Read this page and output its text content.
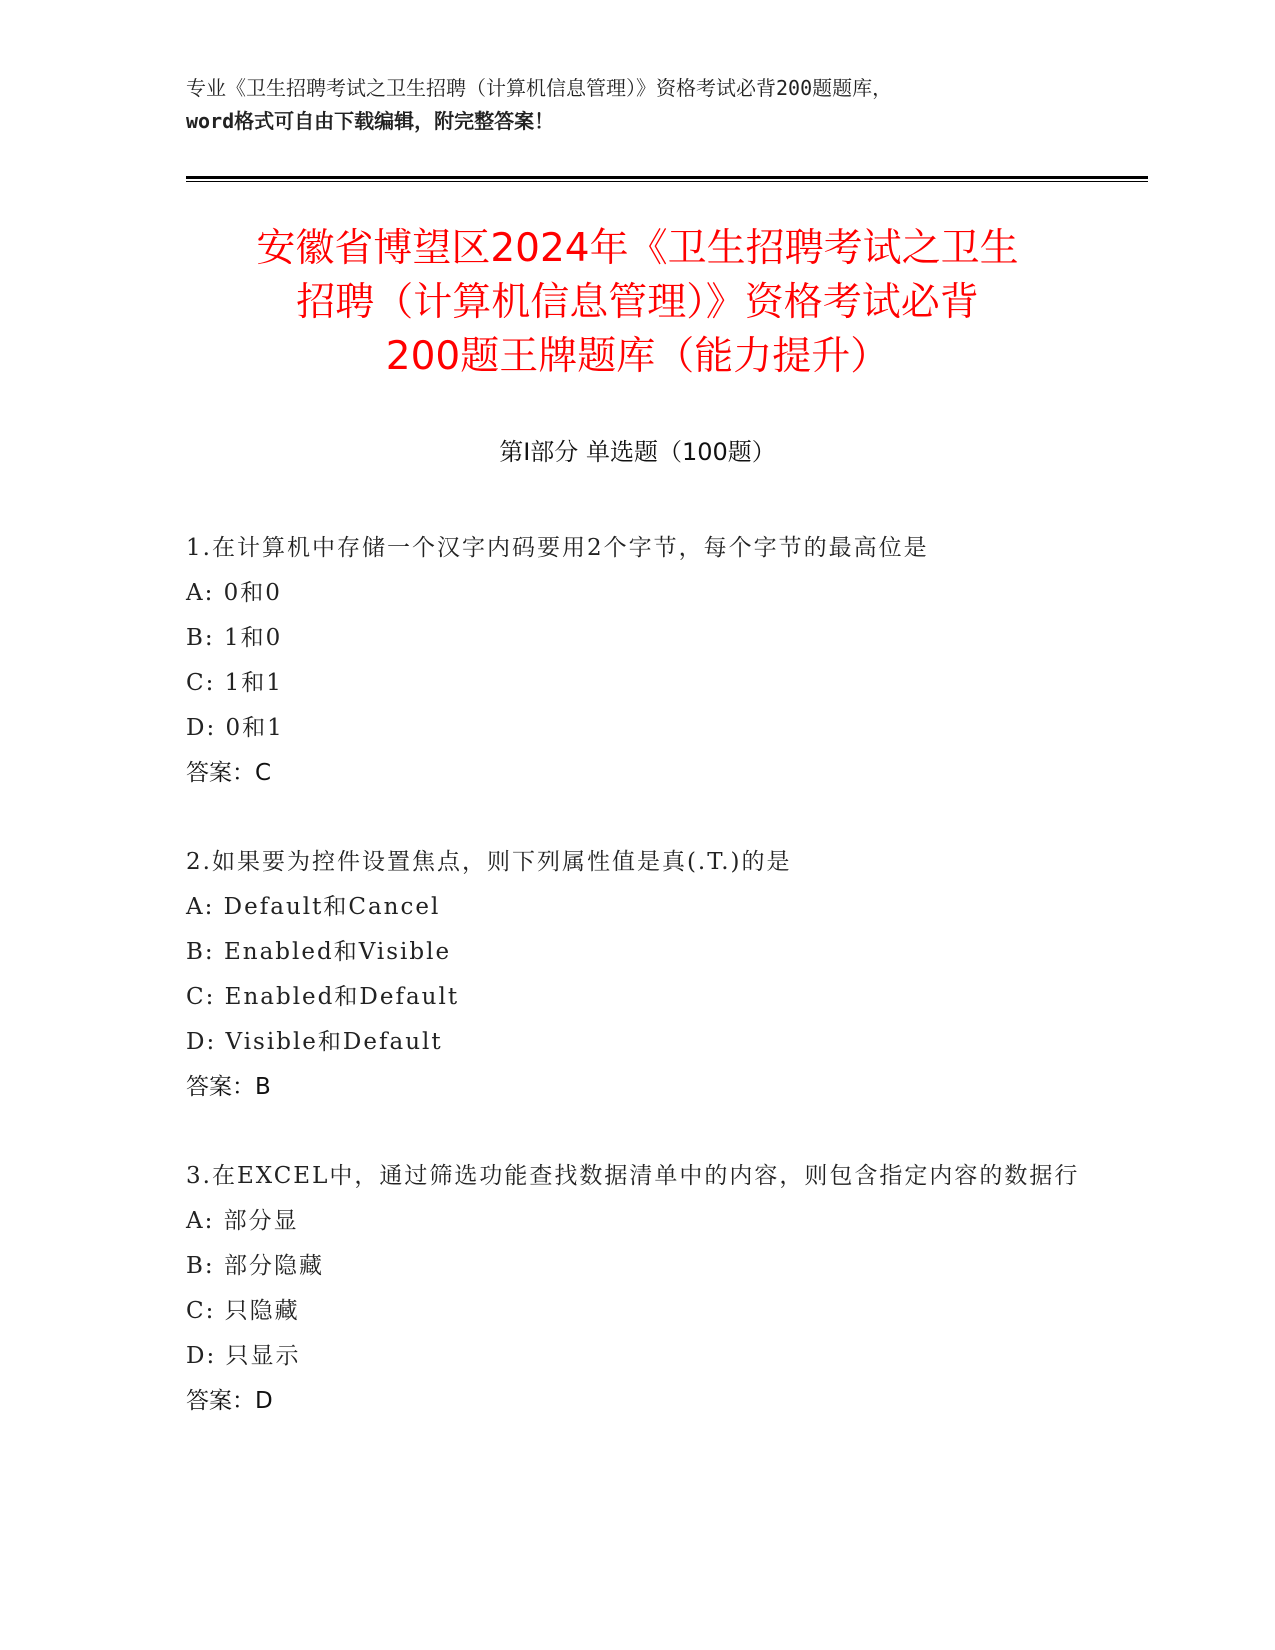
专业《卫生招聘考试之卫生招聘（计算机信息管理）》资格考试必背200题题库，
word格式可自由下载编辑，附完整答案！
安徽省博望区2024年《卫生招聘考试之卫生
招聘（计算机信息管理）》资格考试必背
200题王牌题库（能力提升）
第Ⅰ部分 单选题（100题）

1.在计算机中存储一个汉字内码要用2个字节，每个字节的最高位是

A: 0和0
B: 1和0
C: 1和1
D: 0和1
答案：C

2.如果要为控件设置焦点，则下列属性值是真(.T.)的是

A: Default和Cancel
B: Enabled和Visible
C: Enabled和Default
D: Visible和Default
答案：B

3.在EXCEL中，通过筛选功能查找数据清单中的内容，则包含指定内容的数据行

A: 部分显
B: 部分隐藏
C: 只隐藏
D: 只显示
答案：D
